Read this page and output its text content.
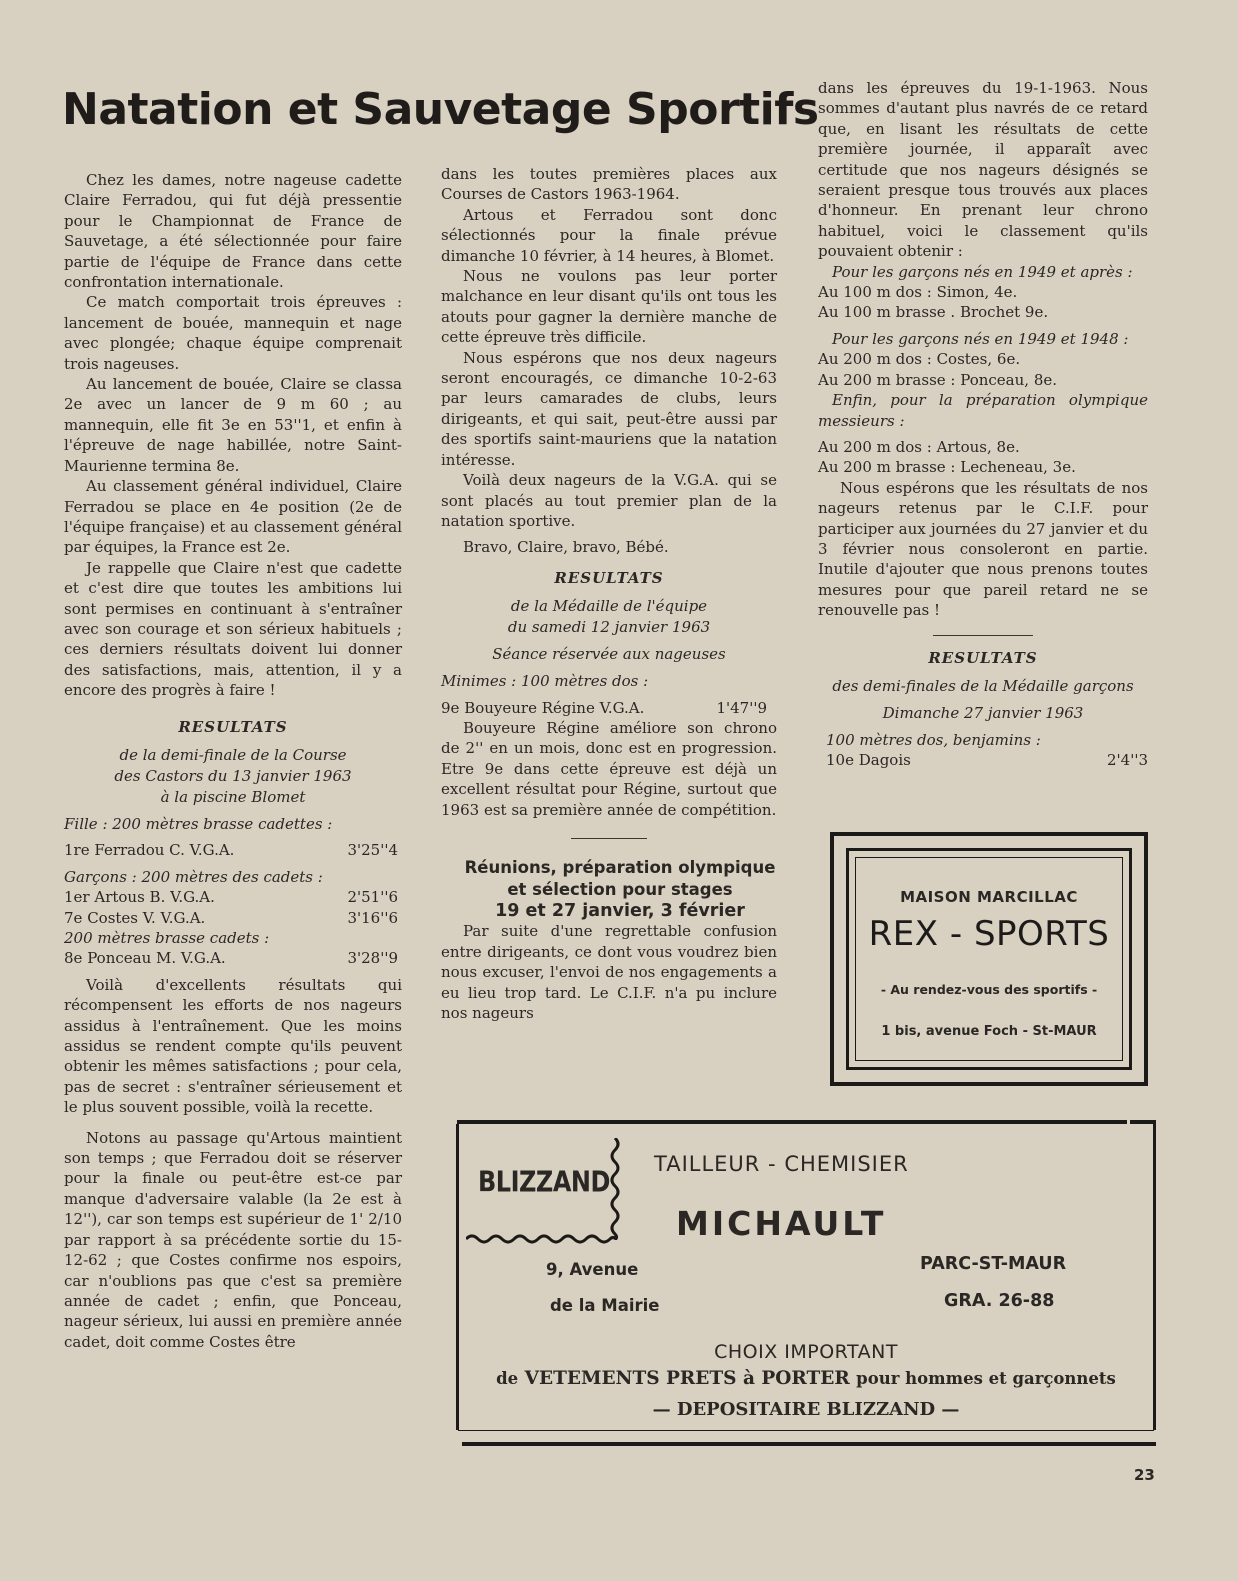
Natation et Sauvetage Sportifs

Chez les dames, notre nageuse cadette Claire Ferradou, qui fut déjà pressentie pour le Championnat de France de Sauvetage, a été sélectionnée pour faire partie de l'équipe de France dans cette confrontation internationale.

Ce match comportait trois épreuves : lancement de bouée, mannequin et nage avec plongée; chaque équipe comprenait trois nageuses.

Au lancement de bouée, Claire se classa 2e avec un lancer de 9 m 60 ; au mannequin, elle fit 3e en 53''1, et enfin à l'épreuve de nage habillée, notre Saint-Maurienne termina 8e.

Au classement général individuel, Claire Ferradou se place en 4e position (2e de l'équipe française) et au classement général par équipes, la France est 2e.

Je rappelle que Claire n'est que cadette et c'est dire que toutes les ambitions lui sont permises en continuant à s'entraîner avec son courage et son sérieux habituels ; ces derniers résultats doivent lui donner des satisfactions, mais, attention, il y a encore des progrès à faire !

RESULTATS

de la demi-finale de la Course

des Castors du 13 janvier 1963

à la piscine Blomet

Fille : 200 mètres brasse cadettes :

1re Ferradou C. V.G.A.	3'25''4

Garçons : 200 mètres des cadets :

1er Artous B. V.G.A.	2'51''6
7e Costes V. V.G.A.	3'16''6

200 mètres brasse cadets :

8e Ponceau M. V.G.A.	3'28''9

Voilà d'excellents résultats qui récompensent les efforts de nos nageurs assidus à l'entraînement. Que les moins assidus se rendent compte qu'ils peuvent obtenir les mêmes satisfactions ; pour cela, pas de secret : s'entraîner sérieusement et le plus souvent possible, voilà la recette.

Notons au passage qu'Artous maintient son temps ; que Ferradou doit se réserver pour la finale ou peut-être est-ce par manque d'adversaire valable (la 2e est à 12''), car son temps est supérieur de 1' 2/10 par rapport à sa précédente sortie du 15-12-62 ; que Costes confirme nos espoirs, car n'oublions pas que c'est sa première année de cadet ; enfin, que Ponceau, nageur sérieux, lui aussi en première année cadet, doit comme Costes être

dans les toutes premières places aux Courses de Castors 1963-1964.

Artous et Ferradou sont donc sélectionnés pour la finale prévue dimanche 10 février, à 14 heures, à Blomet.

Nous ne voulons pas leur porter malchance en leur disant qu'ils ont tous les atouts pour gagner la dernière manche de cette épreuve très difficile.

Nous espérons que nos deux nageurs seront encouragés, ce dimanche 10-2-63 par leurs camarades de clubs, leurs dirigeants, et qui sait, peut-être aussi par des sportifs saint-mauriens que la natation intéresse.

Voilà deux nageurs de la V.G.A. qui se sont placés au tout premier plan de la natation sportive.

Bravo, Claire, bravo, Bébé.

RESULTATS

de la Médaille de l'équipe

du samedi 12 janvier 1963

Séance réservée aux nageuses

Minimes : 100 mètres dos :

9e Bouyeure Régine V.G.A.	1'47''9

Bouyeure Régine améliore son chrono de 2'' en un mois, donc est en progression. Etre 9e dans cette épreuve est déjà un excellent résultat pour Régine, surtout que 1963 est sa première année de compétition.

Réunions, préparation olympique

et sélection pour stages

19 et 27 janvier, 3 février

Par suite d'une regrettable confusion entre dirigeants, ce dont vous voudrez bien nous excuser, l'envoi de nos engagements a eu lieu trop tard. Le C.I.F. n'a pu inclure nos nageurs

dans les épreuves du 19-1-1963. Nous sommes d'autant plus navrés de ce retard que, en lisant les résultats de cette première journée, il apparaît avec certitude que nos nageurs désignés se seraient presque tous trouvés aux places d'honneur. En prenant leur chrono habituel, voici le classement qu'ils pouvaient obtenir :

Pour les garçons nés en 1949 et après :

Au 100 m dos : Simon, 4e.

Au 100 m brasse . Brochet 9e.

Pour les garçons nés en 1949 et 1948 :

Au 200 m dos : Costes, 6e.

Au 200 m brasse : Ponceau, 8e.

Enfin, pour la préparation olympique messieurs :

Au 200 m dos : Artous, 8e.

Au 200 m brasse : Lecheneau, 3e.

Nous espérons que les résultats de nos nageurs retenus par le C.I.F. pour participer aux journées du 27 janvier et du 3 février nous consoleront en partie. Inutile d'ajouter que nous prenons toutes mesures pour que pareil retard ne se renouvelle pas !

RESULTATS

des demi-finales de la Médaille garçons

Dimanche 27 janvier 1963

100 mètres dos, benjamins :

10e Dagois	2'4''3
MAISON MARCILLAC
REX - SPORTS
- Au rendez-vous des sportifs -
1 bis, avenue Foch - St-MAUR
BLIZZAND
TAILLEUR - CHEMISIER
MICHAULT
9, Avenue
de la Mairie
PARC-ST-MAUR
GRA. 26-88
CHOIX IMPORTANT
de VETEMENTS PRETS à PORTER pour hommes et garçonnets
— DEPOSITAIRE BLIZZAND —
23
